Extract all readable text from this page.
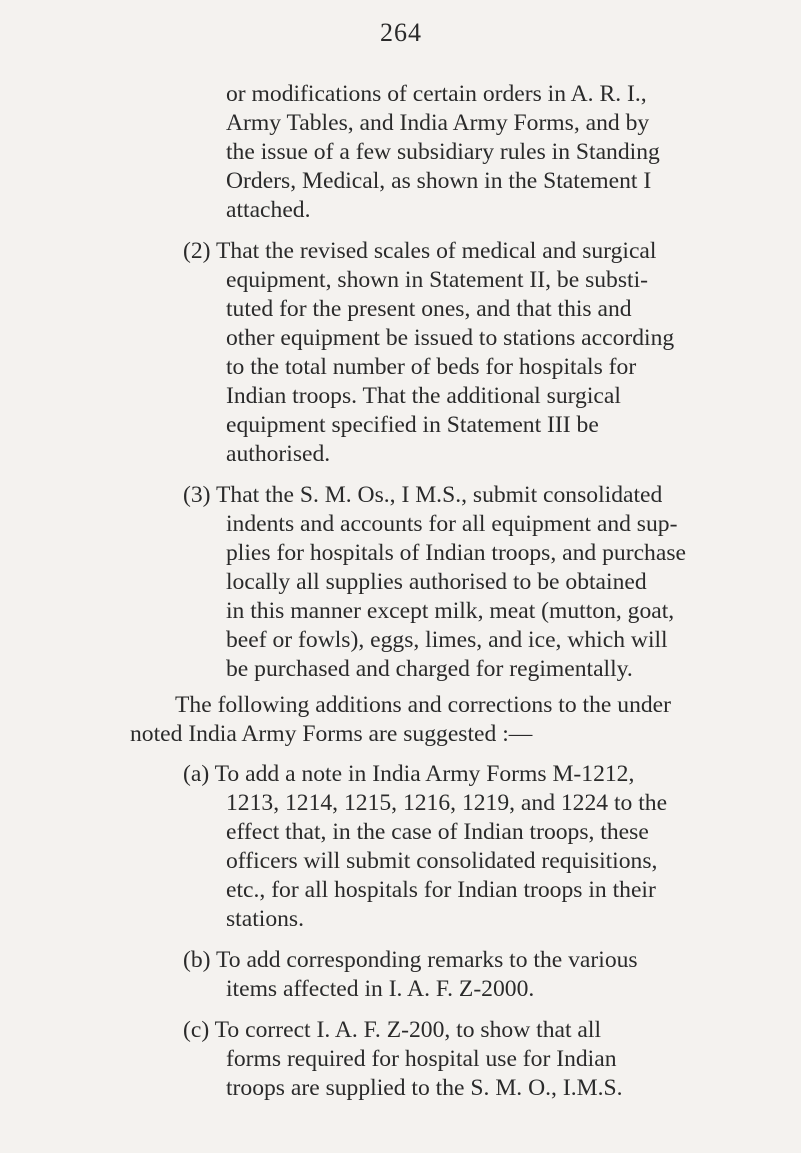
264
or modifications of certain orders in A. R. I.,
Army Tables, and India Army Forms, and by
the issue of a few subsidiary rules in Standing
Orders, Medical, as shown in the Statement I
attached.
(2) That the revised scales of medical and surgical
equipment, shown in Statement II, be substi-
tuted for the present ones, and that this and
other equipment be issued to stations according
to the total number of beds for hospitals for
Indian troops. That the additional surgical
equipment specified in Statement III be
authorised.
(3) That the S. M. Os., I M.S., submit consolidated
indents and accounts for all equipment and sup-
plies for hospitals of Indian troops, and purchase
locally all supplies authorised to be obtained
in this manner except milk, meat (mutton, goat,
beef or fowls), eggs, limes, and ice, which will
be purchased and charged for regimentally.
The following additions and corrections to the under
noted India Army Forms are suggested :—
(a) To add a note in India Army Forms M-1212,
1213, 1214, 1215, 1216, 1219, and 1224 to the
effect that, in the case of Indian troops, these
officers will submit consolidated requisitions,
etc., for all hospitals for Indian troops in their
stations.
(b) To add corresponding remarks to the various
items affected in I. A. F. Z-2000.
(c) To correct I. A. F. Z-200, to show that all
forms required for hospital use for Indian
troops are supplied to the S. M. O., I.M.S.
